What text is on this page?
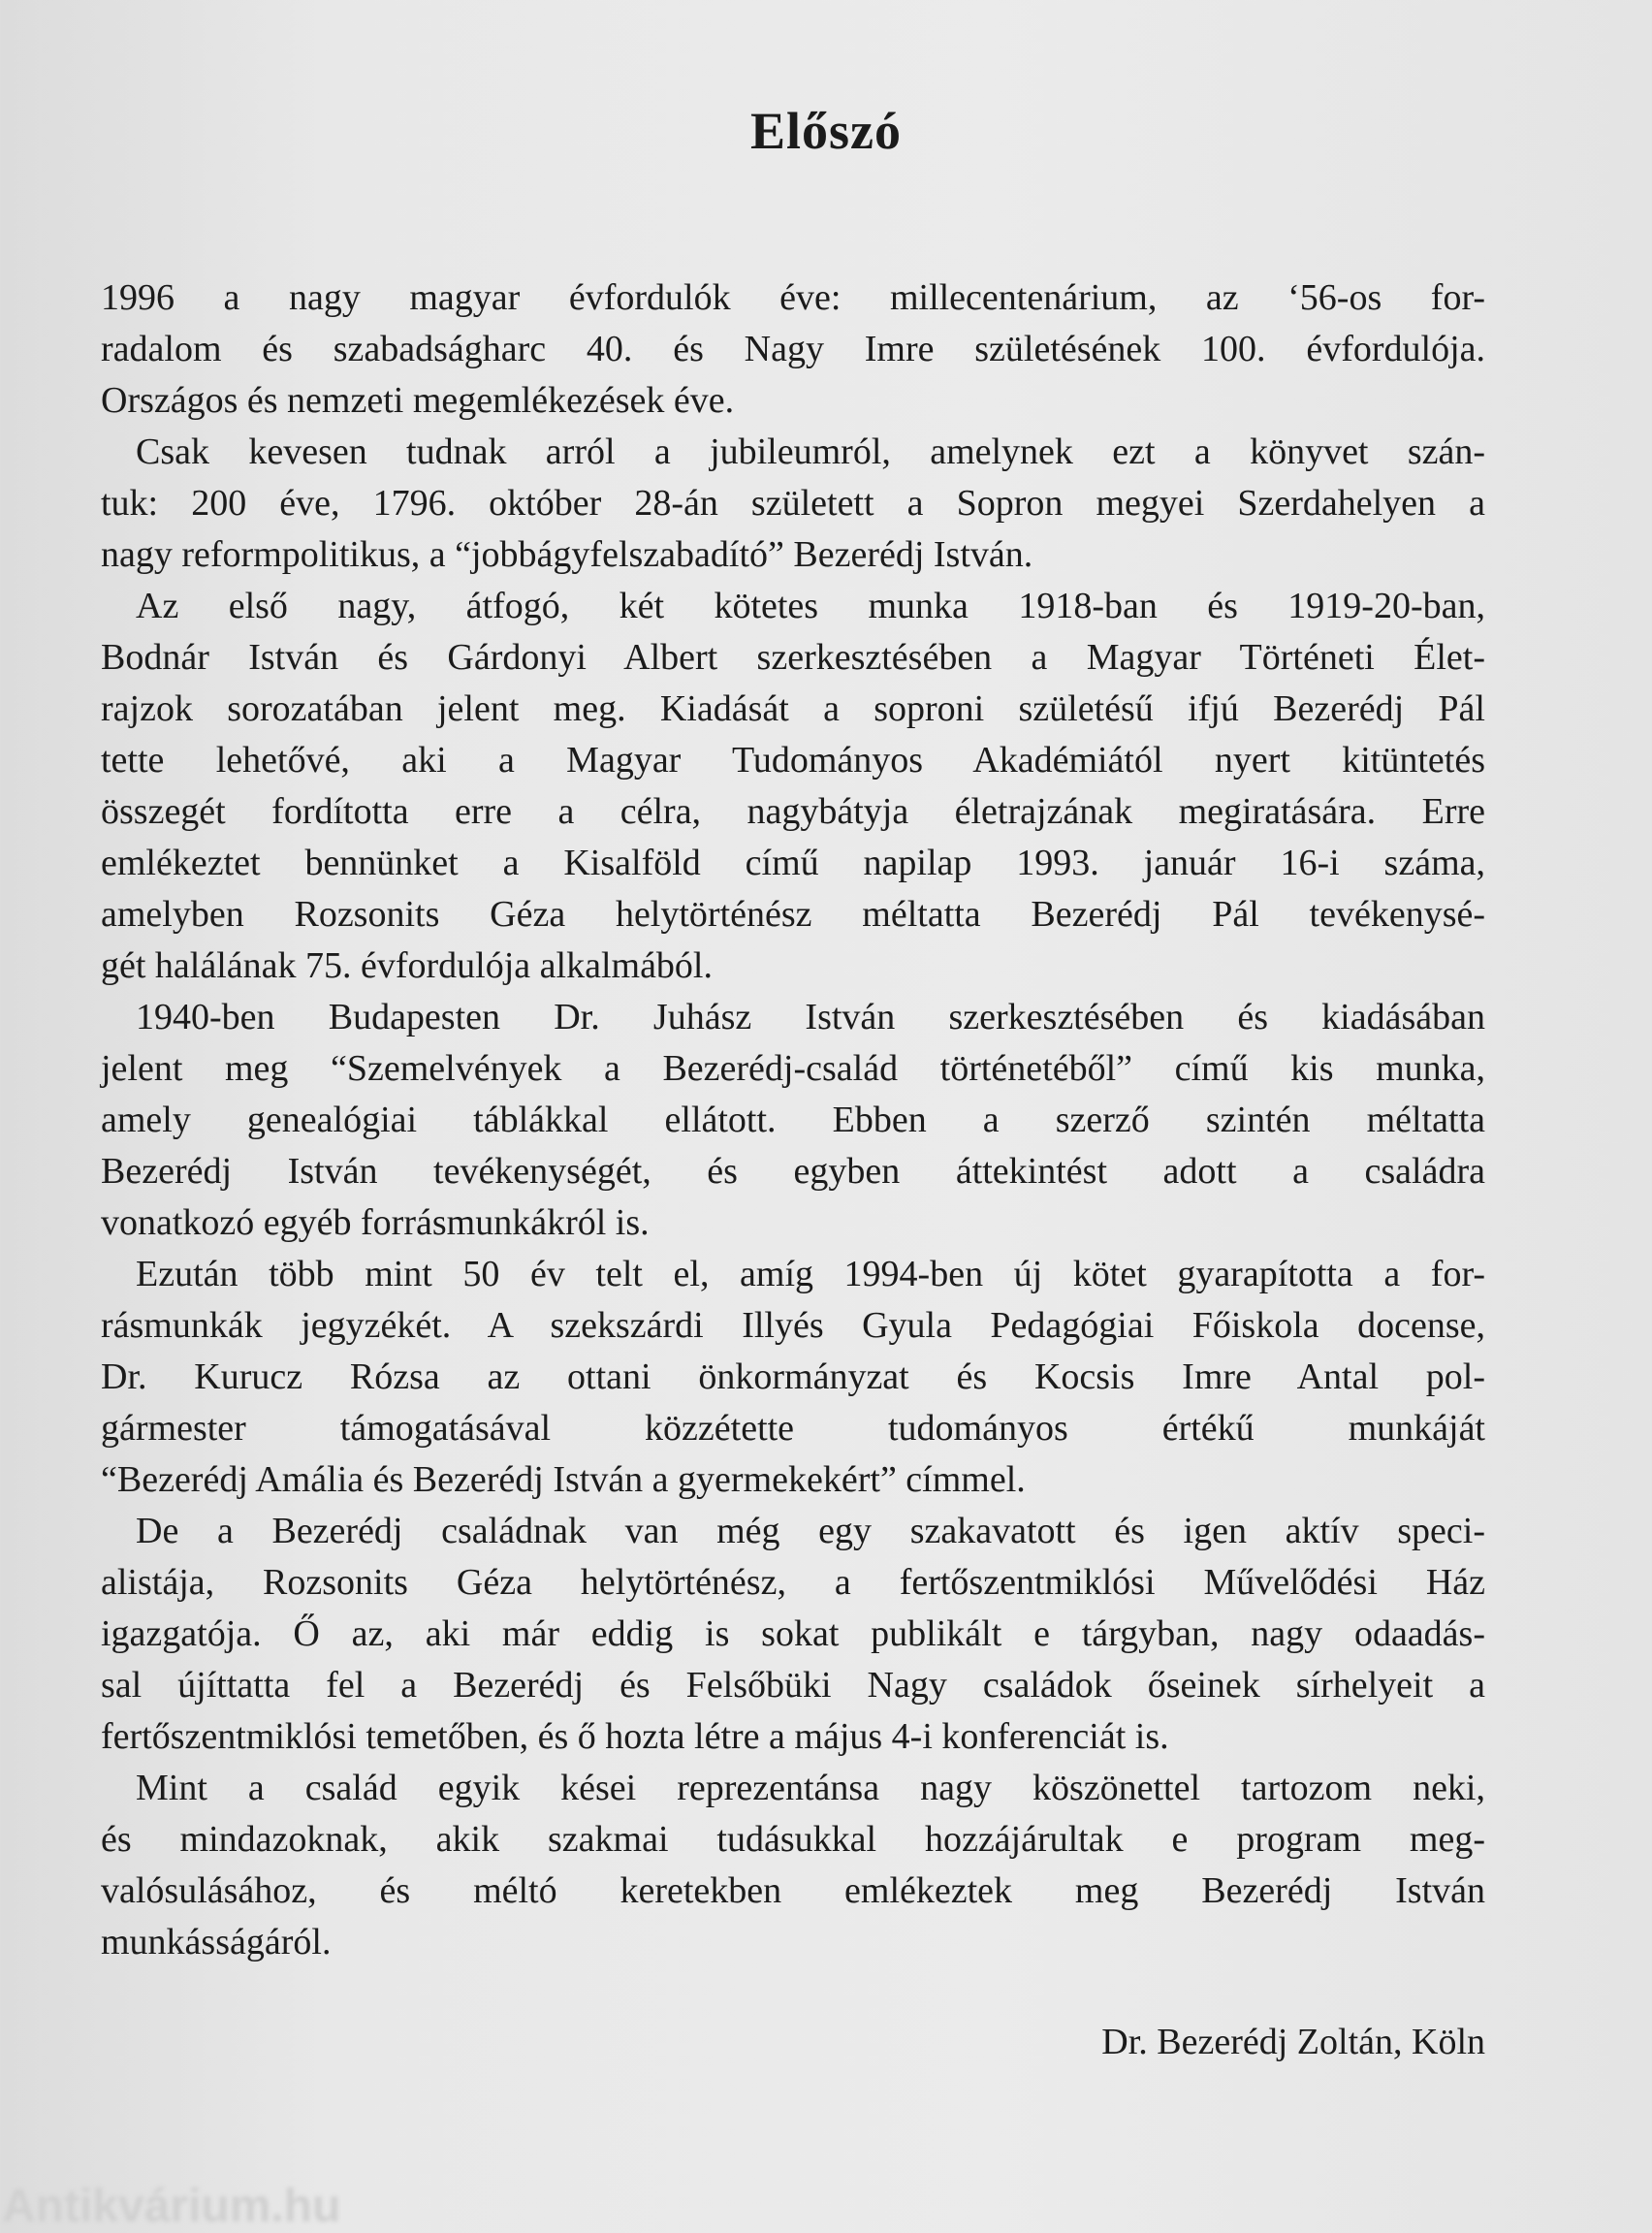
Előszó
1996 a nagy magyar évfordulók éve: millecentenárium, az ‘56-os for-
radalom és szabadságharc 40. és Nagy Imre születésének 100. évfordulója.
Országos és nemzeti megemlékezések éve.
Csak kevesen tudnak arról a jubileumról, amelynek ezt a könyvet szán-
tuk: 200 éve, 1796. október 28-án született a Sopron megyei Szerdahelyen a
nagy reformpolitikus, a “jobbágyfelszabadító” Bezerédj István.
Az első nagy, átfogó, két kötetes munka 1918-ban és 1919-20-ban,
Bodnár István és Gárdonyi Albert szerkesztésében a Magyar Történeti Élet-
rajzok sorozatában jelent meg. Kiadását a soproni születésű ifjú Bezerédj Pál
tette lehetővé, aki a Magyar Tudományos Akadémiától nyert kitüntetés
összegét fordította erre a célra, nagybátyja életrajzának megiratására. Erre
emlékeztet bennünket a Kisalföld című napilap 1993. január 16-i száma,
amelyben Rozsonits Géza helytörténész méltatta Bezerédj Pál tevékenysé-
gét halálának 75. évfordulója alkalmából.
1940-ben Budapesten Dr. Juhász István szerkesztésében és kiadásában
jelent meg “Szemelvények a Bezerédj-család történetéből” című kis munka,
amely genealógiai táblákkal ellátott. Ebben a szerző szintén méltatta
Bezerédj István tevékenységét, és egyben áttekintést adott a családra
vonatkozó egyéb forrásmunkákról is.
Ezután több mint 50 év telt el, amíg 1994-ben új kötet gyarapította a for-
rásmunkák jegyzékét. A szekszárdi Illyés Gyula Pedagógiai Főiskola docense,
Dr. Kurucz Rózsa az ottani önkormányzat és Kocsis Imre Antal pol-
gármester támogatásával közzétette tudományos értékű munkáját
“Bezerédj Amália és Bezerédj István a gyermekekért” címmel.
De a Bezerédj családnak van még egy szakavatott és igen aktív speci-
alistája, Rozsonits Géza helytörténész, a fertőszentmiklósi Művelődési Ház
igazgatója. Ő az, aki már eddig is sokat publikált e tárgyban, nagy odaadás-
sal újíttatta fel a Bezerédj és Felsőbüki Nagy családok őseinek sírhelyeit a
fertőszentmiklósi temetőben, és ő hozta létre a május 4-i konferenciát is.
Mint a család egyik kései reprezentánsa nagy köszönettel tartozom neki,
és mindazoknak, akik szakmai tudásukkal hozzájárultak e program meg-
valósulásához, és méltó keretekben emlékeztek meg Bezerédj István
munkásságáról.
Dr. Bezerédj Zoltán, Köln
Antikvárium.hu
